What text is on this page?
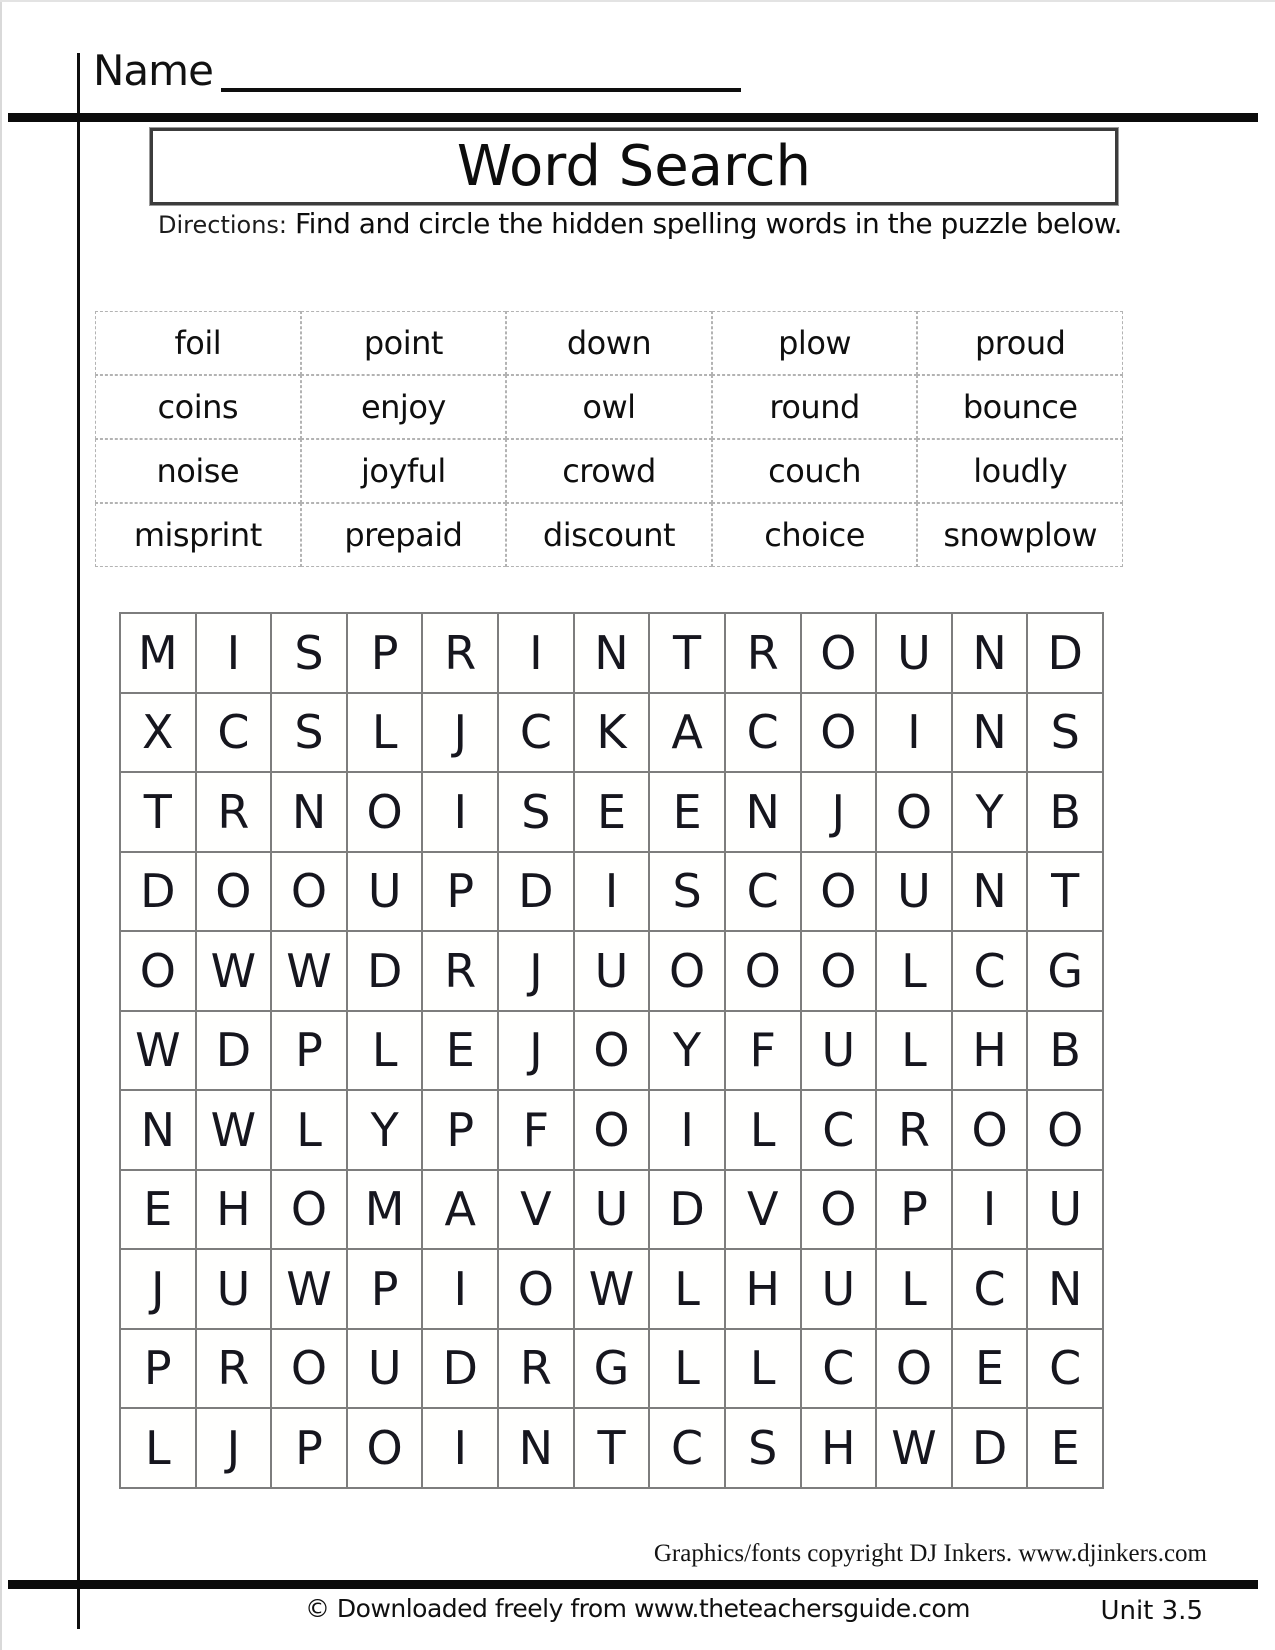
Name
Word Search
Directions: Find and circle the hidden spelling words in the puzzle below.
foil	point	down	plow	proud
coins	enjoy	owl	round	bounce
noise	joyful	crowd	couch	loudly
misprint	prepaid	discount	choice	snowplow
M	I	S	P R	I	N T R O U N D
X C S	L	J	C K A C O	I	N S
T R N O	I	S	E	E N	J	O Y B
D O O U P D	I	S C O U N T
O W W D R	J	U O O O L	C G
W D P	L	E	J	O Y	F U L H B
N W L	Y	P	F O	I	L	C R O O
E H O M A V U D V O P	I	U
J	U W P	I	O W L H U L	C N
P R O U D R G L	L	C O E C
L	J	P O	I	N T C S H W D E
Graphics/fonts copyright DJ Inkers. www.djinkers.com
© Downloaded freely from www.theteachersguide.com	Unit 3.5
